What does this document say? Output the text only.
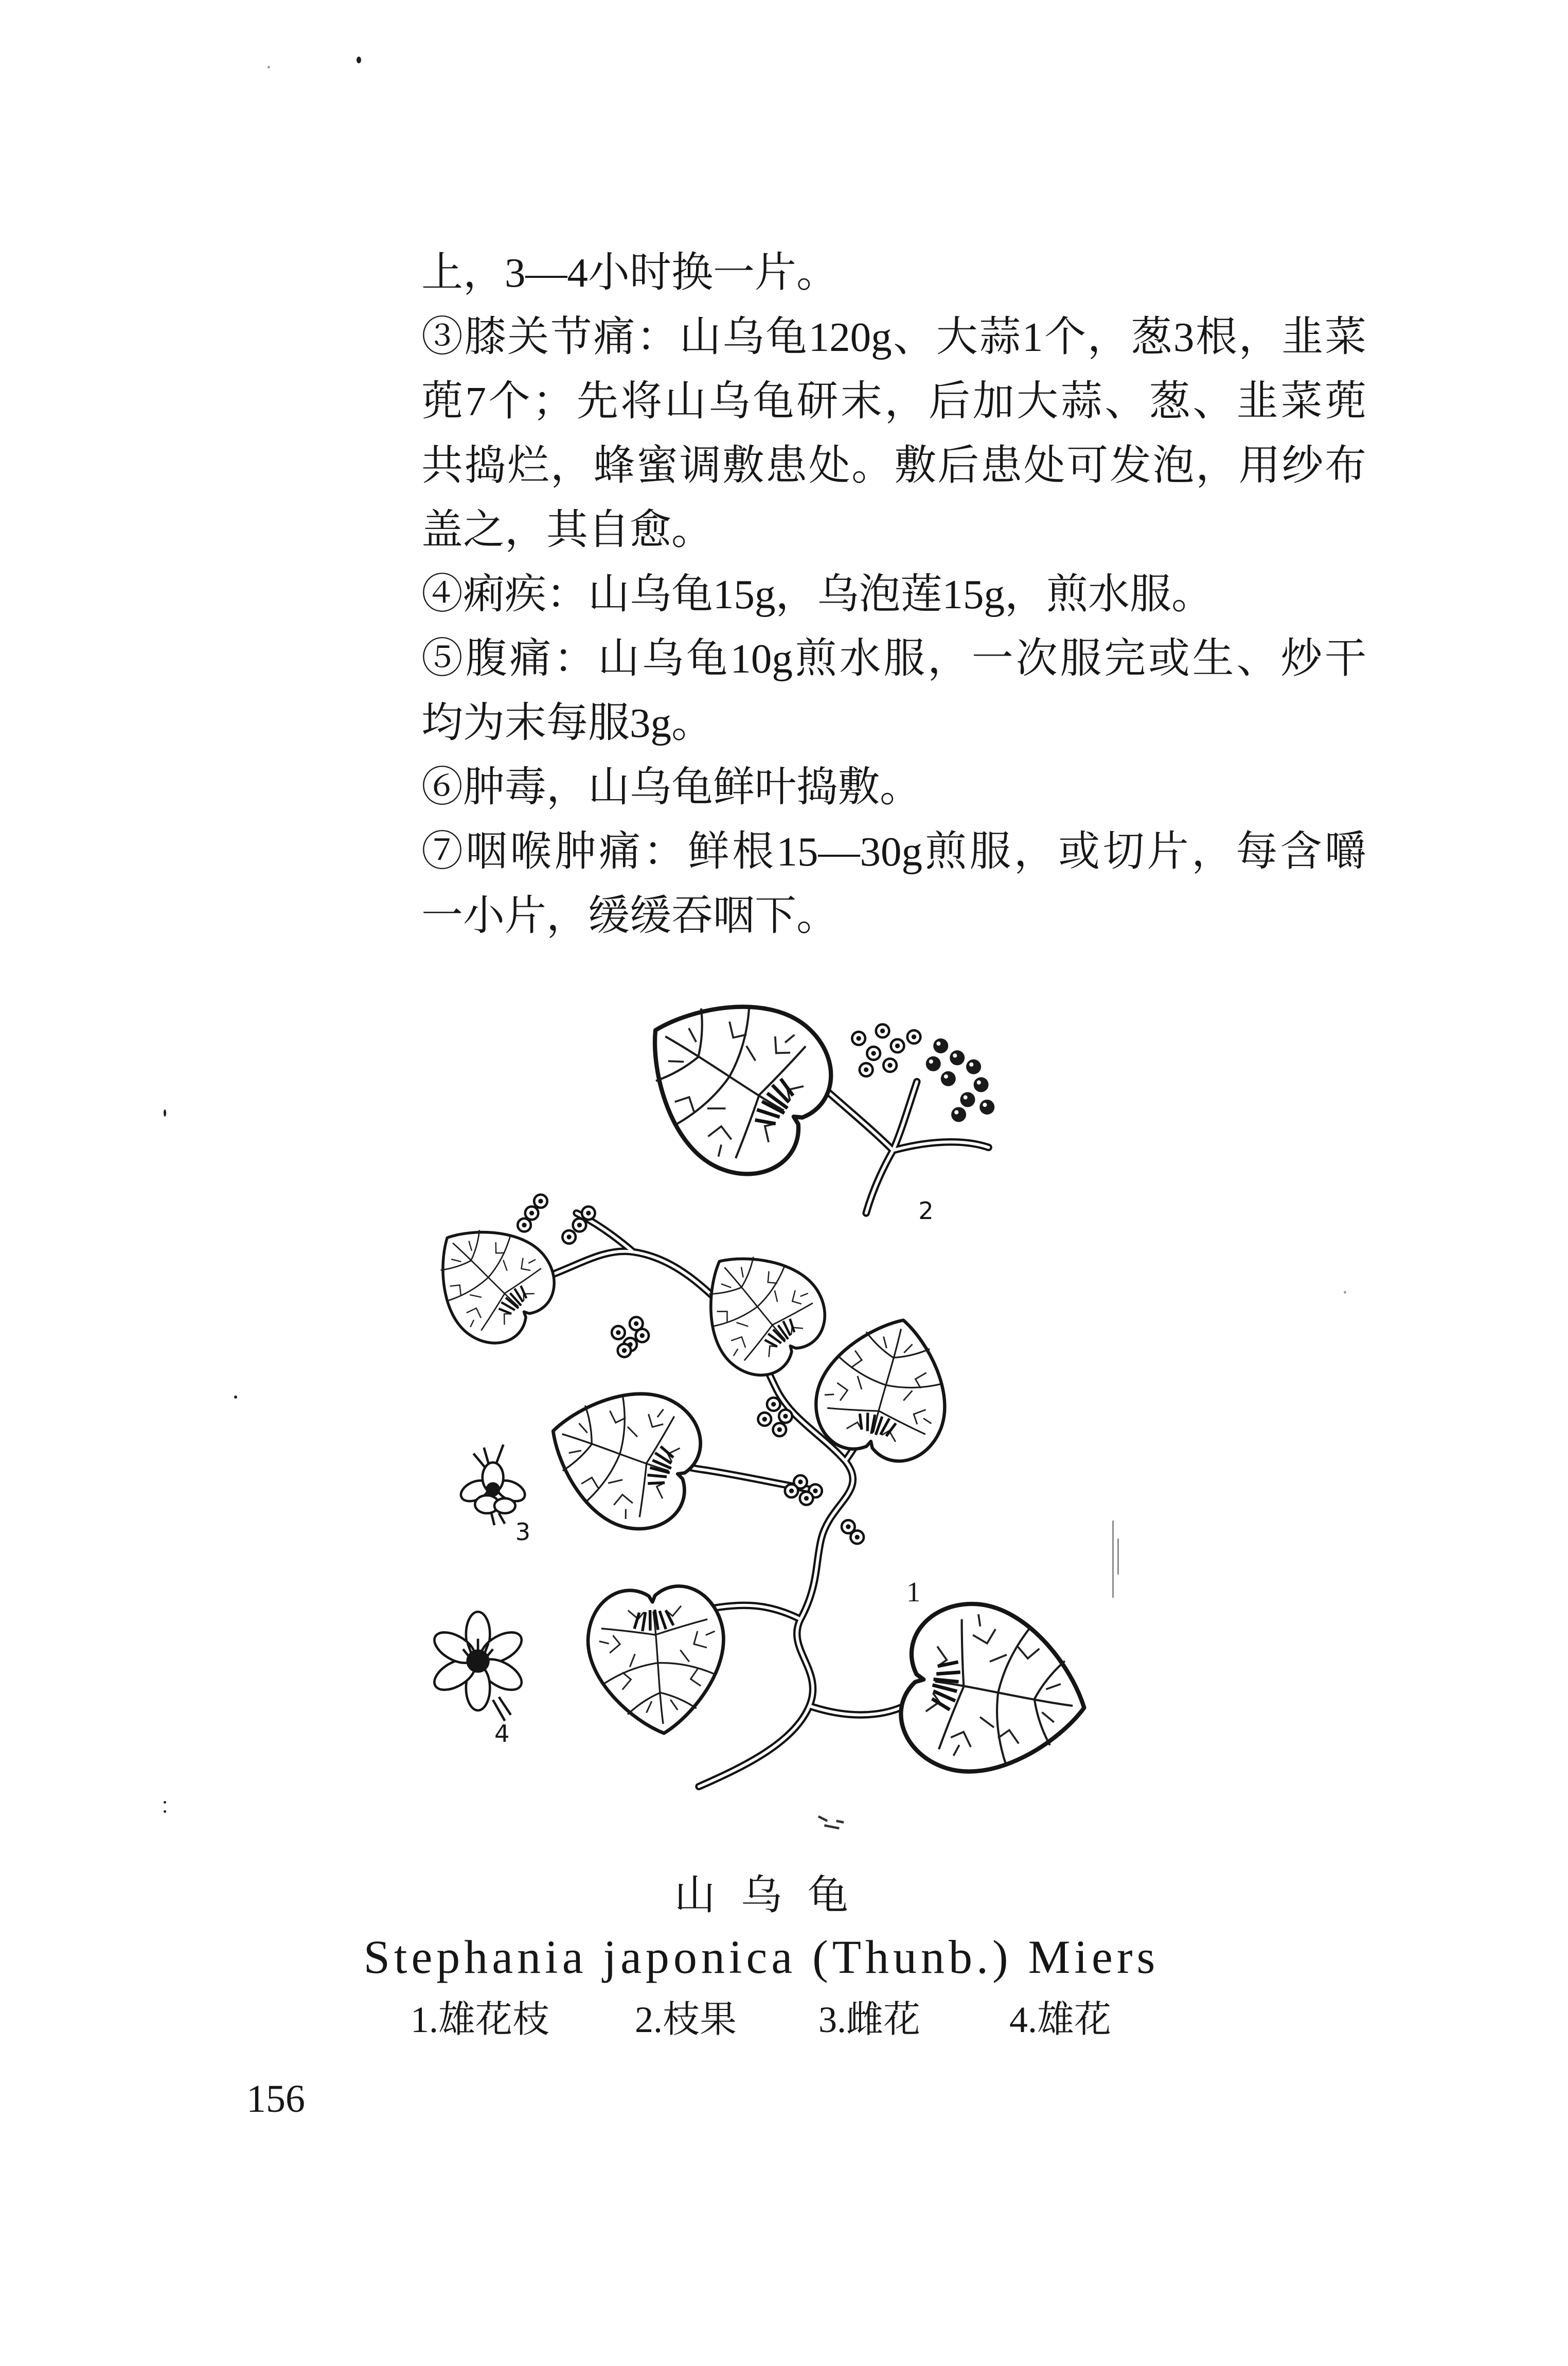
上，3—4小时换一片。
③膝关节痛：山乌龟120g、大蒜1个，葱3根，韭菜
蔸7个；先将山乌龟研末，后加大蒜、葱、韭菜蔸
共捣烂，蜂蜜调敷患处。敷后患处可发泡，用纱布
盖之，其自愈。
④痢疾：山乌龟15g，乌泡莲15g，煎水服。
⑤腹痛：山乌龟10g煎水服，一次服完或生、炒干
均为末每服3g。
⑥肿毒，山乌龟鲜叶捣敷。
⑦咽喉肿痛：鲜根15—30g煎服，或切片，每含嚼
一小片，缓缓吞咽下。
1
2
3
4
山 乌 龟
Stephania japonica (Thunb.) Miers
1.雄花枝 2.枝果 3.雌花 4.雄花
156
